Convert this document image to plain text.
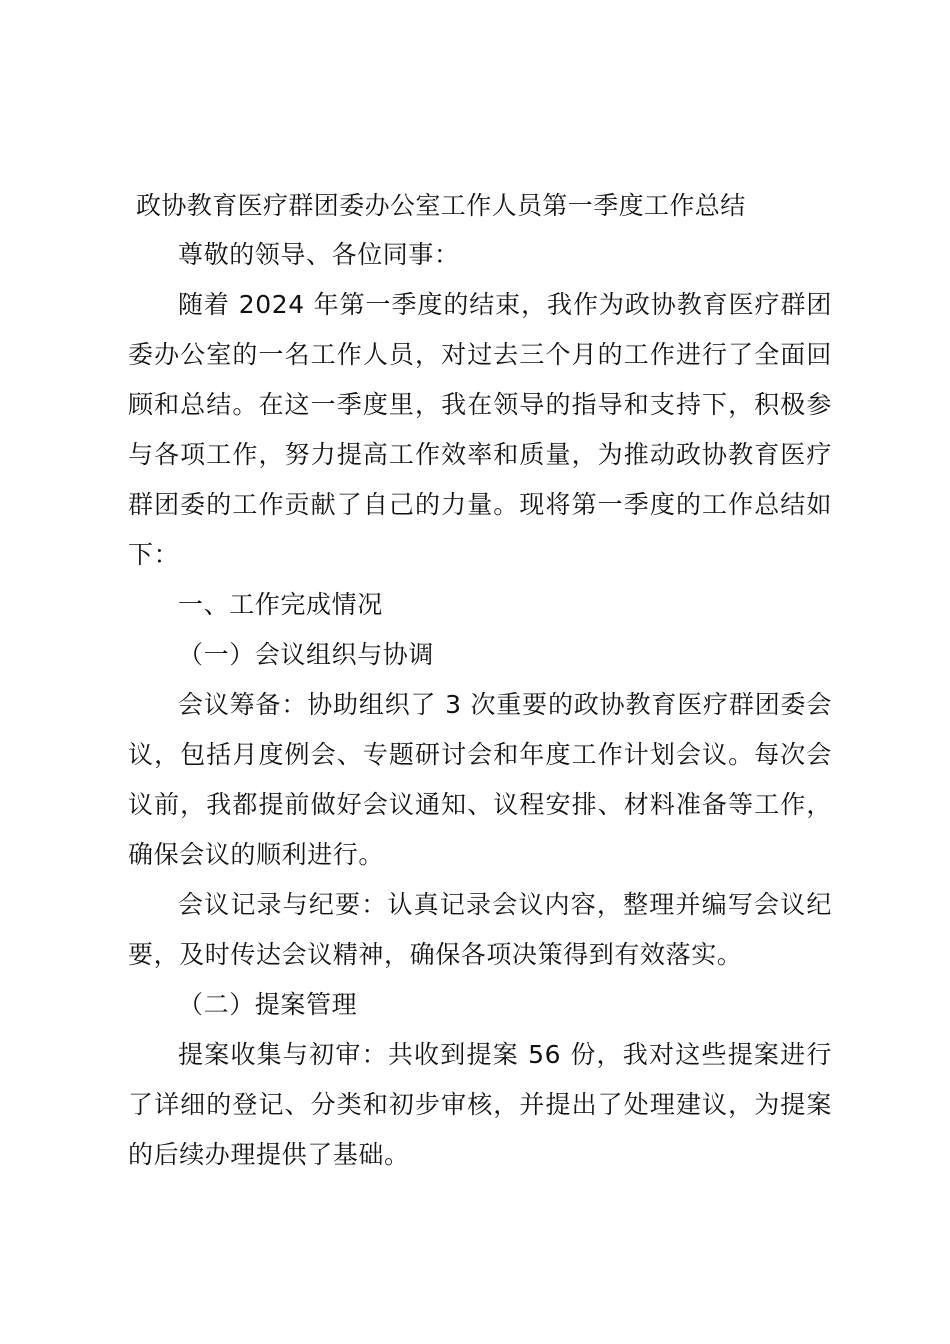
政协教育医疗群团委办公室工作人员第一季度工作总结

尊敬的领导、各位同事：

随着 2024 年第一季度的结束，我作为政协教育医疗群团委办公室的一名工作人员，对过去三个月的工作进行了全面回顾和总结。在这一季度里，我在领导的指导和支持下，积极参与各项工作，努力提高工作效率和质量，为推动政协教育医疗群团委的工作贡献了自己的力量。现将第一季度的工作总结如下：

一、工作完成情况

（一）会议组织与协调

会议筹备：协助组织了 3 次重要的政协教育医疗群团委会议，包括月度例会、专题研讨会和年度工作计划会议。每次会议前，我都提前做好会议通知、议程安排、材料准备等工作，确保会议的顺利进行。

会议记录与纪要：认真记录会议内容，整理并编写会议纪要，及时传达会议精神，确保各项决策得到有效落实。

（二）提案管理

提案收集与初审：共收到提案 56 份，我对这些提案进行了详细的登记、分类和初步审核，并提出了处理建议，为提案的后续办理提供了基础。
